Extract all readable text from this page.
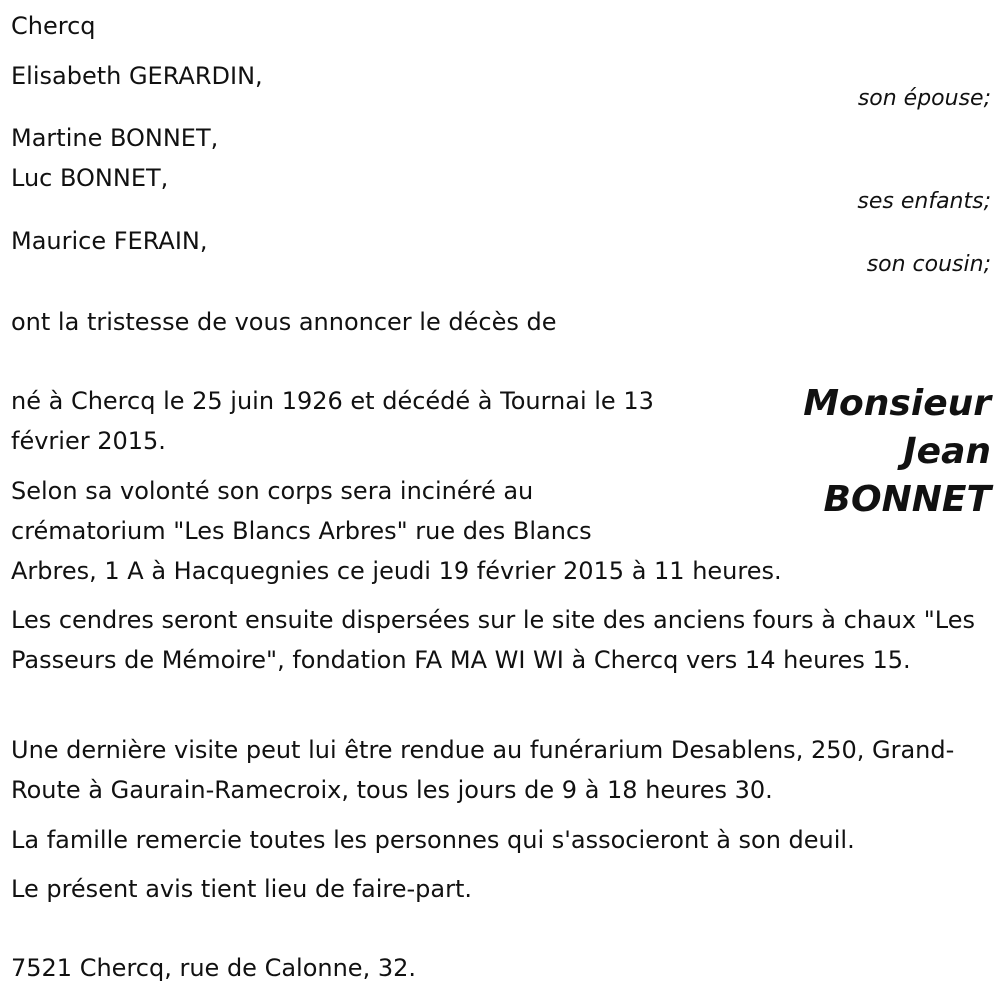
Chercq
Elisabeth GERARDIN,
son épouse;
Martine BONNET,
Luc BONNET,
ses enfants;
Maurice FERAIN,
son cousin;
ont la tristesse de vous annoncer le décès de
Monsieur
Jean
BONNET

né à Chercq le 25 juin 1926 et décédé à Tournai le 13 février 2015.

Selon sa volonté son corps sera incinéré au crématorium "Les Blancs Arbres" rue des Blancs

Arbres, 1 A à Hacquegnies ce jeudi 19 février 2015 à 11 heures.

Les cendres seront ensuite dispersées sur le site des anciens fours à chaux "Les Passeurs de Mémoire", fondation FA MA WI WI à Chercq vers 14 heures 15.

Une dernière visite peut lui être rendue au funérarium Desablens, 250, Grand-Route à Gaurain-Ramecroix, tous les jours de 9 à 18 heures 30.

La famille remercie toutes les personnes qui s'associeront à son deuil.
Le présent avis tient lieu de faire-part.
7521 Chercq, rue de Calonne, 32.
